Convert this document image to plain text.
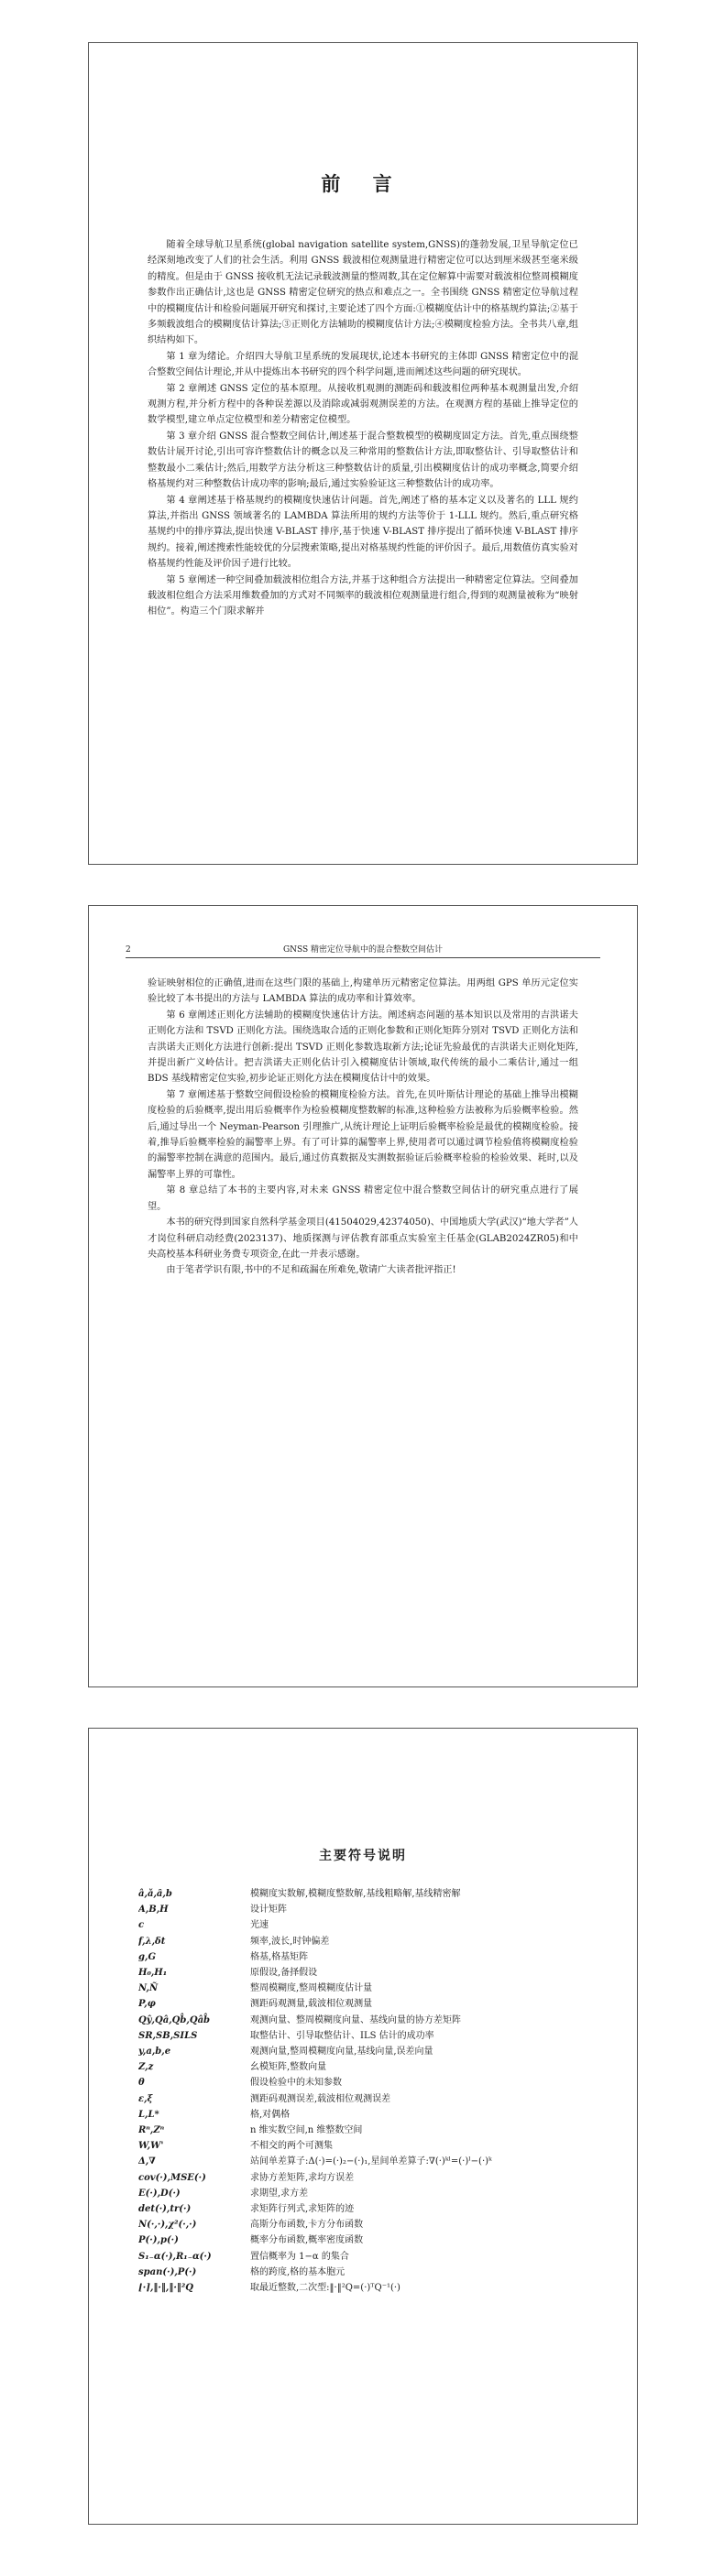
前 言

随着全球导航卫星系统(global navigation satellite system,GNSS)的蓬勃发展,卫星导航定位已经深刻地改变了人们的社会生活。利用 GNSS 载波相位观测量进行精密定位可以达到厘米级甚至毫米级的精度。但是由于 GNSS 接收机无法记录载波测量的整周数,其在定位解算中需要对载波相位整周模糊度参数作出正确估计,这也是 GNSS 精密定位研究的热点和难点之一。全书围绕 GNSS 精密定位导航过程中的模糊度估计和检验问题展开研究和探讨,主要论述了四个方面:①模糊度估计中的格基规约算法;②基于多频载波组合的模糊度估计算法;③正则化方法辅助的模糊度估计方法;④模糊度检验方法。全书共八章,组织结构如下。

第 1 章为绪论。介绍四大导航卫星系统的发展现状,论述本书研究的主体即 GNSS 精密定位中的混合整数空间估计理论,并从中提炼出本书研究的四个科学问题,进而阐述这些问题的研究现状。

第 2 章阐述 GNSS 定位的基本原理。从接收机观测的测距码和载波相位两种基本观测量出发,介绍观测方程,并分析方程中的各种误差源以及消除或减弱观测误差的方法。在观测方程的基础上推导定位的数学模型,建立单点定位模型和差分精密定位模型。

第 3 章介绍 GNSS 混合整数空间估计,阐述基于混合整数模型的模糊度固定方法。首先,重点围绕整数估计展开讨论,引出可容许整数估计的概念以及三种常用的整数估计方法,即取整估计、引导取整估计和整数最小二乘估计;然后,用数学方法分析这三种整数估计的质量,引出模糊度估计的成功率概念,简要介绍格基规约对三种整数估计成功率的影响;最后,通过实验验证这三种整数估计的成功率。

第 4 章阐述基于格基规约的模糊度快速估计问题。首先,阐述了格的基本定义以及著名的 LLL 规约算法,并指出 GNSS 领域著名的 LAMBDA 算法所用的规约方法等价于 1-LLL 规约。然后,重点研究格基规约中的排序算法,提出快速 V-BLAST 排序,基于快速 V-BLAST 排序提出了循环快速 V-BLAST 排序规约。接着,阐述搜索性能较优的分层搜索策略,提出对格基规约性能的评价因子。最后,用数值仿真实验对格基规约性能及评价因子进行比较。

第 5 章阐述一种空间叠加载波相位组合方法,并基于这种组合方法提出一种精密定位算法。空间叠加载波相位组合方法采用维数叠加的方式对不同频率的载波相位观测量进行组合,得到的观测量被称为“映射相位”。构造三个门限求解并

2	GNSS 精密定位导航中的混合整数空间估计

验证映射相位的正确值,进而在这些门限的基础上,构建单历元精密定位算法。用两组 GPS 单历元定位实验比较了本书提出的方法与 LAMBDA 算法的成功率和计算效率。

第 6 章阐述正则化方法辅助的模糊度快速估计方法。阐述病态问题的基本知识以及常用的吉洪诺夫正则化方法和 TSVD 正则化方法。围绕选取合适的正则化参数和正则化矩阵分别对 TSVD 正则化方法和吉洪诺夫正则化方法进行创新:提出 TSVD 正则化参数选取新方法;论证先验最优的吉洪诺夫正则化矩阵,并提出新广义岭估计。把吉洪诺夫正则化估计引入模糊度估计领域,取代传统的最小二乘估计,通过一组 BDS 基线精密定位实验,初步论证正则化方法在模糊度估计中的效果。

第 7 章阐述基于整数空间假设检验的模糊度检验方法。首先,在贝叶斯估计理论的基础上推导出模糊度检验的后验概率,提出用后验概率作为检验模糊度整数解的标准,这种检验方法被称为后验概率检验。然后,通过导出一个 Neyman-Pearson 引理推广,从统计理论上证明后验概率检验是最优的模糊度检验。接着,推导后验概率检验的漏警率上界。有了可计算的漏警率上界,使用者可以通过调节检验值将模糊度检验的漏警率控制在满意的范围内。最后,通过仿真数据及实测数据验证后验概率检验的检验效果、耗时,以及漏警率上界的可靠性。

第 8 章总结了本书的主要内容,对未来 GNSS 精密定位中混合整数空间估计的研究重点进行了展望。

本书的研究得到国家自然科学基金项目(41504029,42374050)、中国地质大学(武汉)“地大学者”人才岗位科研启动经费(2023137)、地质探测与评估教育部重点实验室主任基金(GLAB2024ZR05)和中央高校基本科研业务费专项资金,在此一并表示感谢。

由于笔者学识有限,书中的不足和疏漏在所难免,敬请广大读者批评指正!

主要符号说明
â,ǎ,ȃ,b	模糊度实数解,模糊度整数解,基线粗略解,基线精密解
A,B,H	设计矩阵
c	光速
f,λ,δt	频率,波长,时钟偏差
g,G	格基,格基矩阵
H₀,H₁	原假设,备择假设
N,Ñ	整周模糊度,整周模糊度估计量
P,φ	测距码观测量,载波相位观测量
Qŷ,Qâ,Qb̂,Qâb̂	观测向量、整周模糊度向量、基线向量的协方差矩阵
SR,SB,SILS	取整估计、引导取整估计、ILS 估计的成功率
y,a,b,e	观测向量,整周模糊度向量,基线向量,误差向量
Z,z	幺模矩阵,整数向量
θ	假设检验中的未知参数
ε,ξ	测距码观测误差,载波相位观测误差
L,L*	格,对偶格
Rⁿ,Zⁿ	n 维实数空间,n 维整数空间
W,W'	不相交的两个可测集
Δ,∇	站间单差算子:Δ(·)=(·)₂−(·)₁,星间单差算子:∇(·)ᵏˡ=(·)ˡ−(·)ᵏ
cov(·),MSE(·)	求协方差矩阵,求均方误差
E(·),D(·)	求期望,求方差
det(·),tr(·)	求矩阵行列式,求矩阵的迹
N(·,·),χ²(·,·)	高斯分布函数,卡方分布函数
P(·),p(·)	概率分布函数,概率密度函数
S₁₋α(·),R₁₋α(·)	置信概率为 1−α 的集合
span(·),P(·)	格的跨度,格的基本胞元
⌊·⌉,‖·‖,‖·‖²Q	取最近整数,二次型:‖·‖²Q=(·)ᵀQ⁻¹(·)
